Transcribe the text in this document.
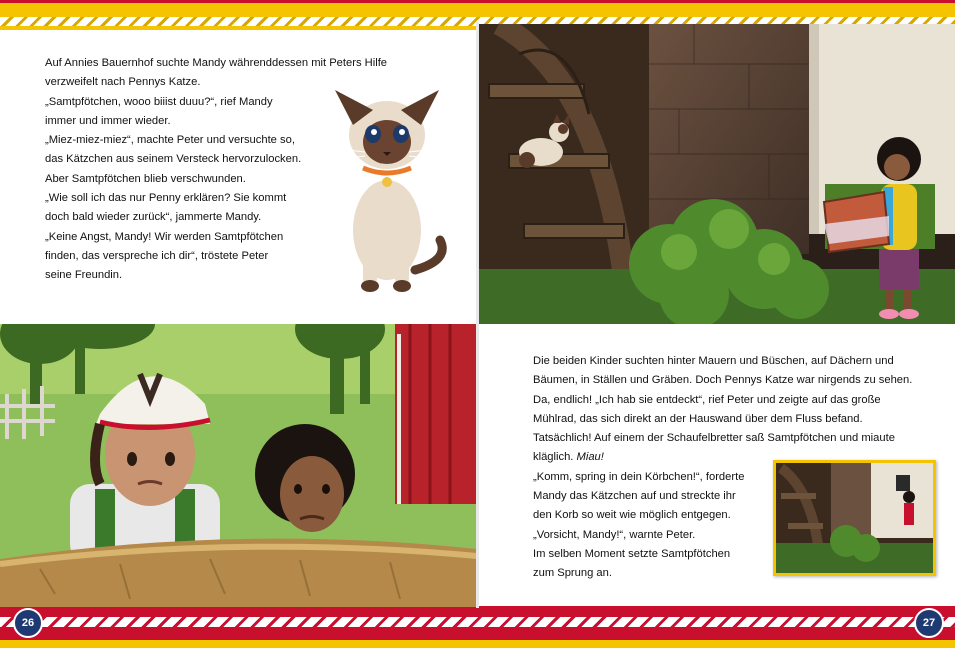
Auf Annies Bauernhof suchte Mandy währenddessen mit Peters Hilfe

verzweifelt nach Pennys Katze.

„Samtpfötchen, wooo biiist duuu?“, rief Mandy

immer und immer wieder.

„Miez-miez-miez“, machte Peter und versuchte so,

das Kätzchen aus seinem Versteck hervorzulocken.

Aber Samtpfötchen blieb verschwunden.

„Wie soll ich das nur Penny erklären? Sie kommt

doch bald wieder zurück“, jammerte Mandy.

„Keine Angst, Mandy! Wir werden Samtpfötchen

finden, das verspreche ich dir“, tröstete Peter

seine Freundin.

Die beiden Kinder suchten hinter Mauern und Büschen, auf Dächern und

Bäumen, in Ställen und Gräben. Doch Pennys Katze war nirgends zu sehen.

Da, endlich! „Ich hab sie entdeckt“, rief Peter und zeigte auf das große

Mühlrad, das sich direkt an der Hauswand über dem Fluss befand.

Tatsächlich! Auf einem der Schaufelbretter saß Samtpfötchen und miaute

kläglich. Miau!

„Komm, spring in dein Körbchen!“, forderte

Mandy das Kätzchen auf und streckte ihr

den Korb so weit wie möglich entgegen.

„Vorsicht, Mandy!“, warnte Peter.

Im selben Moment setzte Samtpfötchen

zum Sprung an.

26	27
